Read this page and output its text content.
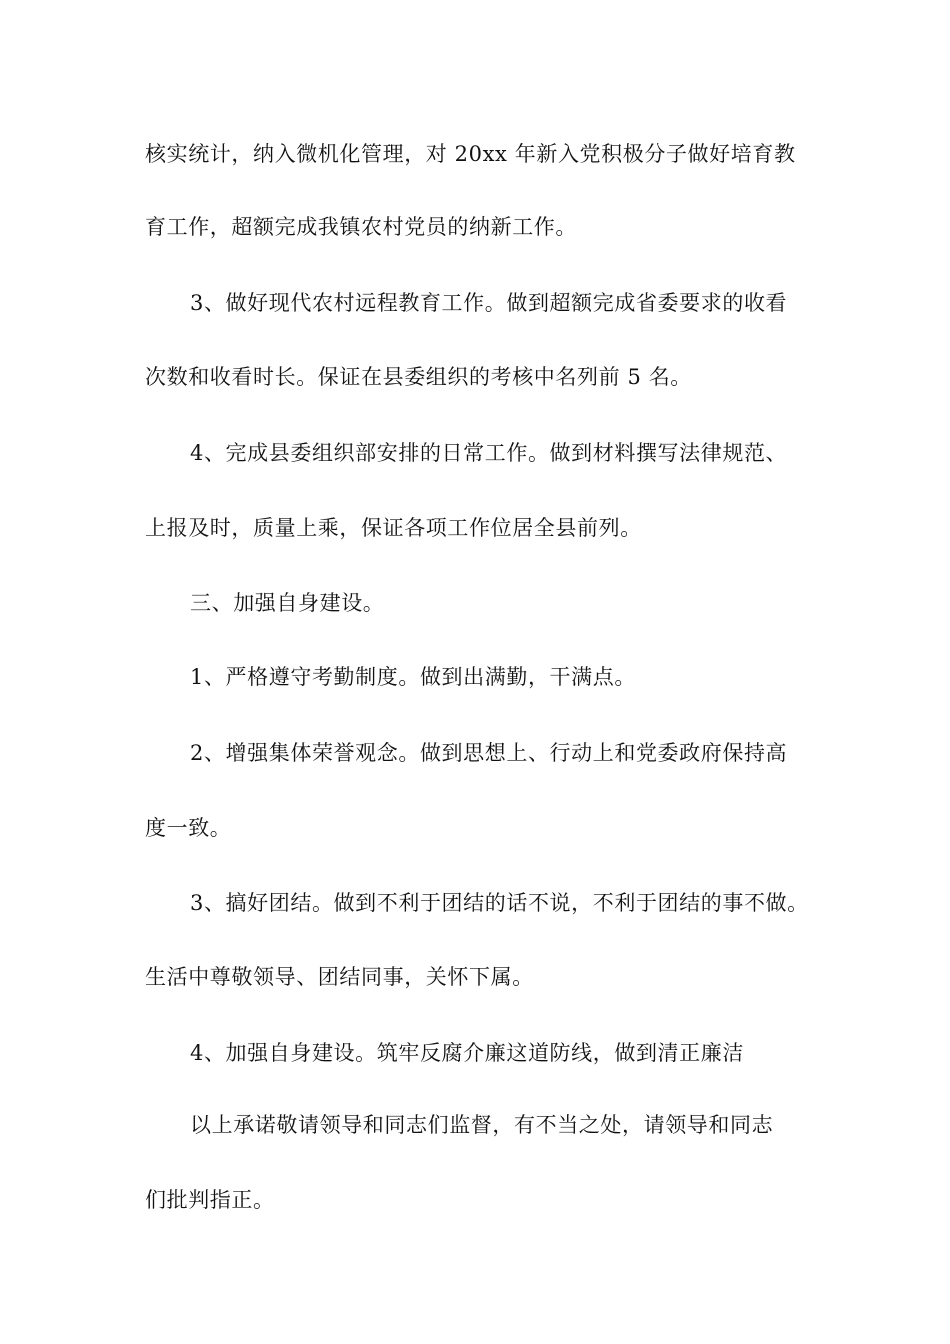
核实统计，纳入微机化管理，对 20xx 年新入党积极分子做好培育教
育工作，超额完成我镇农村党员的纳新工作。
3、做好现代农村远程教育工作。做到超额完成省委要求的收看
次数和收看时长。保证在县委组织的考核中名列前 5 名。
4、完成县委组织部安排的日常工作。做到材料撰写法律规范、
上报及时，质量上乘，保证各项工作位居全县前列。
三、加强自身建设。
1、严格遵守考勤制度。做到出满勤，干满点。
2、增强集体荣誉观念。做到思想上、行动上和党委政府保持高
度一致。
3、搞好团结。做到不利于团结的话不说，不利于团结的事不做。
生活中尊敬领导、团结同事，关怀下属。
4、加强自身建设。筑牢反腐介廉这道防线，做到清正廉洁
以上承诺敬请领导和同志们监督，有不当之处，请领导和同志
们批判指正。
